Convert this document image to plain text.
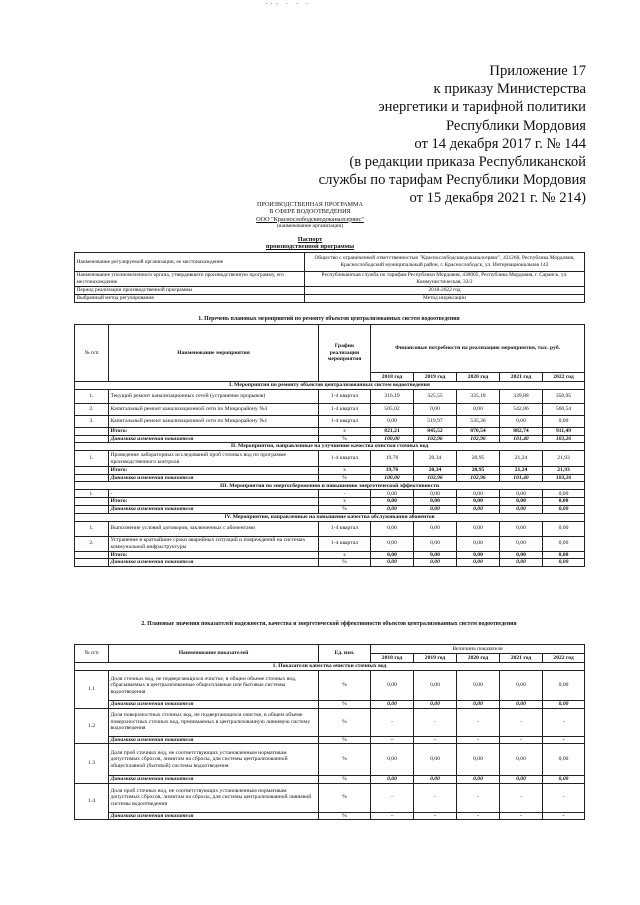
··· · · ·
Приложение 17
к приказу Министерства
энергетики и тарифной политики
Республики Мордовия
от 14 декабря 2017 г. № 144
(в редакции приказа Республиканской
службы по тарифам Республики Мордовия
от 15 декабря 2021 г. № 214)
ПРОИЗВОДСТВЕННАЯ ПРОГРАММА
В СФЕРЕ ВОДООТВЕДЕНИЯ
ООО "Краснослободскводоканалсервис"
(наименование организации)
Паспорт
производственной программы
Наименование регулируемой организации, ее местонахождение	Общество с ограниченной ответственностью "Краснослободскводоканалсервис", 431260, Республика Мордовия, Краснослободский муниципальный район, г. Краснослободск, ул. Интернациональная 143
Наименование уполномоченного органа, утвердившего производственную программу, его местонахождение	Республиканская служба по тарифам Республики Мордовия, 430005, Республика Мордовия, г. Саранск, ул. Коммунистическая, 33/2
Период реализации производственной программы	2018-2022 год
Выбранный метод регулирования	Метод индексации
1. Перечень плановых мероприятий по ремонту объектов централизованных систем водоотведения
№ п/п	Наименование мероприятия	График реализации мероприятия	Финансовые потребности на реализацию мероприятия, тыс. руб.				
			2018 год	2019 год	2020 год	2021 год	2022 год
I. Мероприятия по ремонту объектов централизованных систем водоотведения							
1.	Текущий ремонт канализационных сетей (устранение прорывов)	1-4 квартал	316,19	325,55	335,18	339,88	350,95
2.	Капитальный ремонт канализационной сети по Микрорайону №3	1-4 квартал	505,02	0,00	0,00	542,86	560,54
3.	Капитальный ремонт канализационной сети по Микрорайону №1	1-4 квартал	0,00	519,97	535,36	0,00	0,00
	Итого:	х	821,21	845,52	870,54	882,74	911,49
	Динамика изменения показателя	%	100,00	102,96	102,96	101,40	103,26
II. Мероприятия, направленные на улучшение качества очистки сточных вод							
1.	Проведение лабораторных исследований проб сточных вод по программе производственного контроля	1-4 квартал	19,76	20,34	20,95	21,24	21,93
	Итого:	х	19,76	20,34	20,95	21,24	21,93
	Динамика изменения показателя	%	100,00	102,96	102,96	101,40	103,26
III. Мероприятия по энергосбережению и повышению энергетической эффективности							
1.	-	-	0,00	0,00	0,00	0,00	0,00
	Итого:	х	0,00	0,00	0,00	0,00	0,00
	Динамика изменения показателя	%	0,00	0,00	0,00	0,00	0,00
IV. Мероприятия, направленные на повышение качества обслуживания абонентов							
1.	Выполнение условий договоров, заключенных с абонентами	1-4 квартал	0,00	0,00	0,00	0,00	0,00
2.	Устранение в кратчайшие сроки аварийных ситуаций и повреждений на системах коммунальной инфраструктуры	1-4 квартал	0,00	0,00	0,00	0,00	0,00
	Итого:	х	0,00	0,00	0,00	0,00	0,00
	Динамика изменения показателя	%	0,00	0,00	0,00	0,00	0,00
2. Плановые значения показателей надежности, качества и энергетической эффективности объектов централизованных систем водоотведения
№ п/п	Наименование показателей	Ед. изм.	Величина показателя				
			2018 год	2019 год	2020 год	2021 год	2022 год
1. Показатели качества очистки сточных вод							
1.1	Доля сточных вод, не подвергающихся очистке, в общем объеме сточных вод, сбрасываемых в централизованные общесплавные или бытовые системы водоотведения	%	0,00	0,00	0,00	0,00	0,00
	Динамика изменения показателя	%	0,00	0,00	0,00	0,00	0,00
1.2	Доля поверхностных сточных вод, не подвергающихся очистке, в общем объеме поверхностных сточных вод, принимаемых в централизованную ливневую систему водоотведения	%	-	-	-	-	-
	Динамика изменения показателя	%	-	-	-	-	-
1.3	Доля проб сточных вод, не соответствующих установленным нормативам допустимых сбросов, лимитам на сбросы, для системы централизованной общесплавной (бытовой) системы водоотведения	%	0,00	0,00	0,00	0,00	0,00
	Динамика изменения показателя	%	0,00	0,00	0,00	0,00	0,00
1.4	Доля проб сточных вод, не соответствующих установленным нормативам допустимых сбросов, лимитам на сбросы, для системы централизованной ливневой системы водоотведения	%	-	-	-	-	-
	Динамика изменения показателя	%	-	-	-	-	-
